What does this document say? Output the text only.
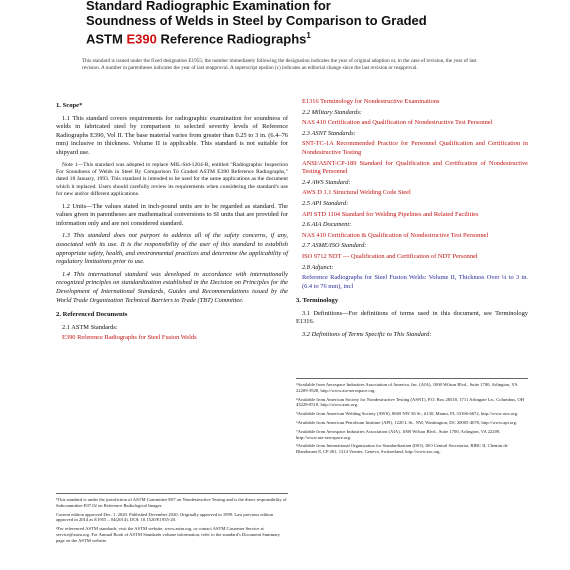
Standard Radiographic Examination for
Soundness of Welds in Steel by Comparison to Graded
ASTM E390 Reference Radiographs$^1$
This standard is issued under the fixed designation E1955; the number immediately following the designation indicates the year of original adoption or, in the case of revision, the year of last revision. A number in parentheses indicates the year of last reapproval. A superscript epsilon (ε) indicates an editorial change since the last revision or reapproval.

1. Scope*

1.1 This standard covers requirements for radiographic examination for soundness of welds in fabricated steel by comparison to selected severity levels of Reference Radiographs E390, Vol II. The base material varies from greater than 0.25 to 3 in. (6.4–76 mm) inclusive in thickness. Volume II is applicable. This standard is not suitable for shipyard use.

Note 1—This standard was adopted to replace MIL-Std-1264-B, entitled "Radiographic Inspection For Soundness of Welds in Steel By Comparison To Graded ASTM E390 Reference Radiographs," dated 18 January, 1993. This standard is intended to be used for the same applications as the document which it replaced. Users should carefully review its requirements when considering the standard's use for new and/or different applications.

1.2 Units—The values stated in inch-pound units are to be regarded as standard. The values given in parentheses are mathematical conversions to SI units that are provided for information only and are not considered standard.

1.3 This standard does not purport to address all of the safety concerns, if any, associated with its use. It is the responsibility of the user of this standard to establish appropriate safety, health, and environmental practices and determine the applicability of regulatory limitations prior to use.

1.4 This international standard was developed in accordance with internationally recognized principles on standardization established in the Decision on Principles for the Development of International Standards, Guides and Recommendations issued by the World Trade Organization Technical Barriers to Trade (TBT) Committee.

2. Referenced Documents

2.1 ASTM Standards:

E390 Reference Radiographs for Steel Fusion Welds

¹This standard is under the jurisdiction of ASTM Committee E07 on Nondestructive Testing and is the direct responsibility of Subcommittee E07.02 on Reference Radiological Images.
Current edition approved Dec. 1, 2020. Published December 2020. Originally approved in 1999. Last previous edition approved in 2014 as E1955 – 04(2014). DOI: 10.1520/E1955-20.
²For referenced ASTM standards, visit the ASTM website, www.astm.org, or contact ASTM Customer Service at service@astm.org. For Annual Book of ASTM Standards volume information, refer to the standard's Document Summary page on the ASTM website.

E1316 Terminology for Nondestructive Examinations

2.2 Military Standards:

NAS 410 Certification and Qualification of Nondestructive Test Personnel

2.3 ASNT Standards:

SNT-TC-1A Recommended Practice for Personnel Qualification and Certification in Nondestructive Testing

ANSI/ASNT-CP-189 Standard for Qualification and Certification of Nondestructive Testing Personnel

2.4 AWS Standard:

AWS D 1.1 Structural Welding Code Steel

2.5 API Standard:

API STD 1104 Standard for Welding Pipelines and Related Facilities

2.6 AIA Document:

NAS 410 Certification & Qualification of Nondestructive Test Personnel

2.7 ASME/ISO Standard:

ISO 9712 NDT — Qualification and Certification of NDT Personnel

2.8 Adjunct:

Reference Radiographs for Steel Fusion Welds: Volume II, Thickness Over ¼ to 3 in. (6.4 to 76 mm), incl

3. Terminology

3.1 Definitions—For definitions of terms used in this document, see Terminology E1316.

3.2 Definitions of Terms Specific to This Standard:

³Available from Aerospace Industries Association of America, Inc. (AIA), 1000 Wilson Blvd., Suite 1700, Arlington, VA 22209-3928, http://www.aia-aerospace.org.
⁴Available from American Society for Nondestructive Testing (ASNT), P.O. Box 28518, 1711 Arlingate Ln., Columbus, OH 43228-0518, http://www.asnt.org.
⁵Available from American Welding Society (AWS), 8669 NW 36 St., #130, Miami, FL 33166-6672, http://www.aws.org.
⁶Available from American Petroleum Institute (API), 1220 L St., NW, Washington, DC 20005-4070, http://www.api.org.
⁷Available from Aerospace Industries Association (AIA), 1000 Wilson Blvd., Suite 1700, Arlington, VA 22209, http://www.aia-aerospace.org.
⁸Available from International Organization for Standardization (ISO), ISO Central Secretariat, BIBC II, Chemin de Blandonnet 8, CP 401, 1214 Vernier, Geneva, Switzerland, http://www.iso.org.
